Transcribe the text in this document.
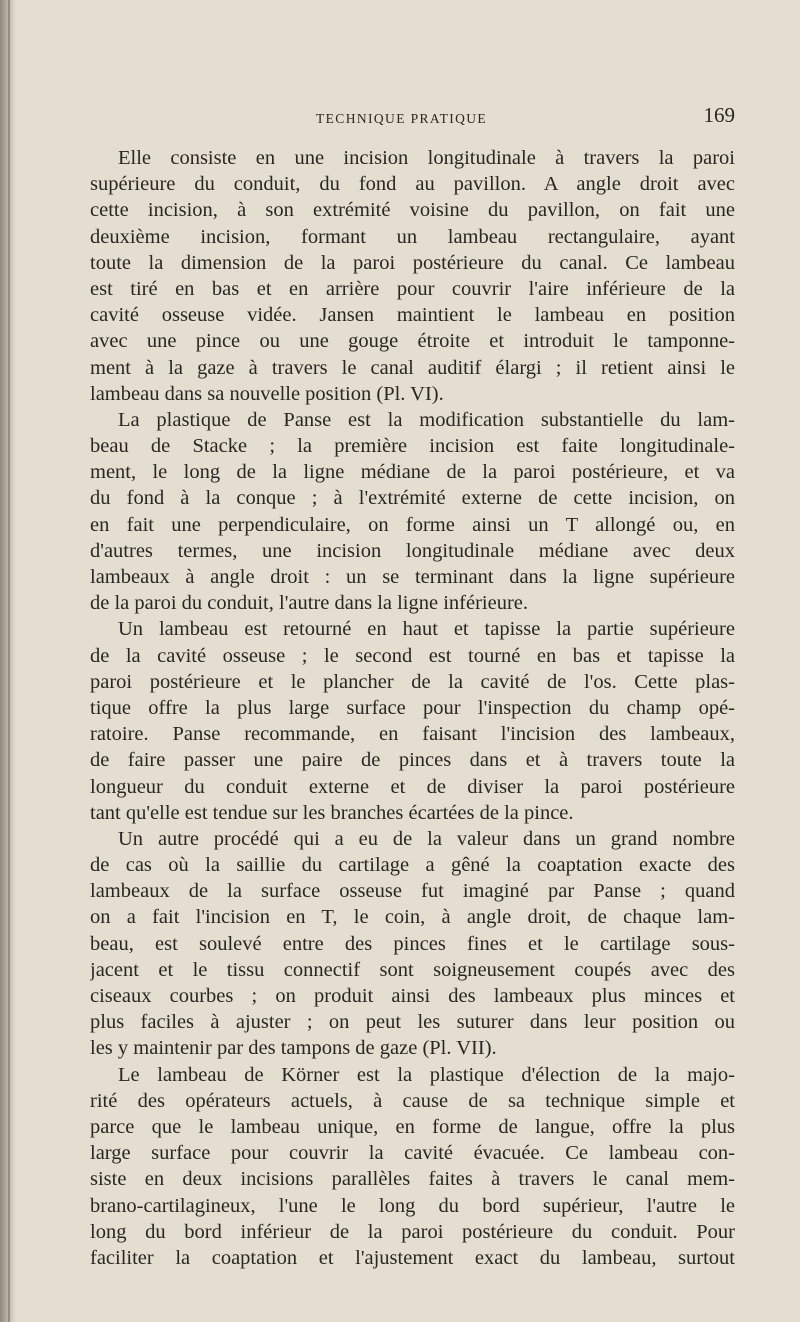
TECHNIQUE PRATIQUE	169
Elle consiste en une incision longitudinale à travers la paroi
supérieure du conduit, du fond au pavillon. A angle droit avec
cette incision, à son extrémité voisine du pavillon, on fait une
deuxième incision, formant un lambeau rectangulaire, ayant
toute la dimension de la paroi postérieure du canal. Ce lambeau
est tiré en bas et en arrière pour couvrir l'aire inférieure de la
cavité osseuse vidée. Jansen maintient le lambeau en position
avec une pince ou une gouge étroite et introduit le tamponne-
ment à la gaze à travers le canal auditif élargi ; il retient ainsi le
lambeau dans sa nouvelle position (Pl. VI).
La plastique de Panse est la modification substantielle du lam-
beau de Stacke ; la première incision est faite longitudinale-
ment, le long de la ligne médiane de la paroi postérieure, et va
du fond à la conque ; à l'extrémité externe de cette incision, on
en fait une perpendiculaire, on forme ainsi un T allongé ou, en
d'autres termes, une incision longitudinale médiane avec deux
lambeaux à angle droit : un se terminant dans la ligne supérieure
de la paroi du conduit, l'autre dans la ligne inférieure.
Un lambeau est retourné en haut et tapisse la partie supérieure
de la cavité osseuse ; le second est tourné en bas et tapisse la
paroi postérieure et le plancher de la cavité de l'os. Cette plas-
tique offre la plus large surface pour l'inspection du champ opé-
ratoire. Panse recommande, en faisant l'incision des lambeaux,
de faire passer une paire de pinces dans et à travers toute la
longueur du conduit externe et de diviser la paroi postérieure
tant qu'elle est tendue sur les branches écartées de la pince.
Un autre procédé qui a eu de la valeur dans un grand nombre
de cas où la saillie du cartilage a gêné la coaptation exacte des
lambeaux de la surface osseuse fut imaginé par Panse ; quand
on a fait l'incision en T, le coin, à angle droit, de chaque lam-
beau, est soulevé entre des pinces fines et le cartilage sous-
jacent et le tissu connectif sont soigneusement coupés avec des
ciseaux courbes ; on produit ainsi des lambeaux plus minces et
plus faciles à ajuster ; on peut les suturer dans leur position ou
les y maintenir par des tampons de gaze (Pl. VII).
Le lambeau de Körner est la plastique d'élection de la majo-
rité des opérateurs actuels, à cause de sa technique simple et
parce que le lambeau unique, en forme de langue, offre la plus
large surface pour couvrir la cavité évacuée. Ce lambeau con-
siste en deux incisions parallèles faites à travers le canal mem-
brano-cartilagineux, l'une le long du bord supérieur, l'autre le
long du bord inférieur de la paroi postérieure du conduit. Pour
faciliter la coaptation et l'ajustement exact du lambeau, surtout
